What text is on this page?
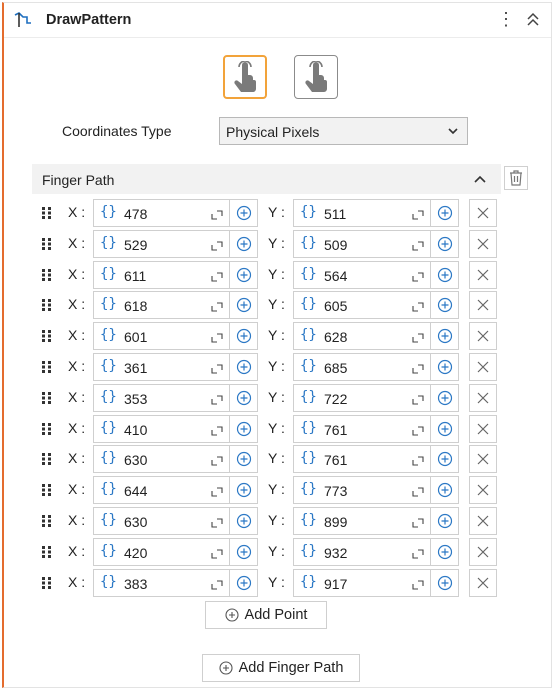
DrawPattern	⋮
Coordinates Type	Physical Pixels
Finger Path
X : {} 478	Y : {} 511
X : {} 529	Y : {} 509
X : {} 611	Y : {} 564
X : {} 618	Y : {} 605
X : {} 601	Y : {} 628
X : {} 361	Y : {} 685
X : {} 353	Y : {} 722
X : {} 410	Y : {} 761
X : {} 630	Y : {} 761
X : {} 644	Y : {} 773
X : {} 630	Y : {} 899
X : {} 420	Y : {} 932
X : {} 383	Y : {} 917
Add Point
Add Finger Path
